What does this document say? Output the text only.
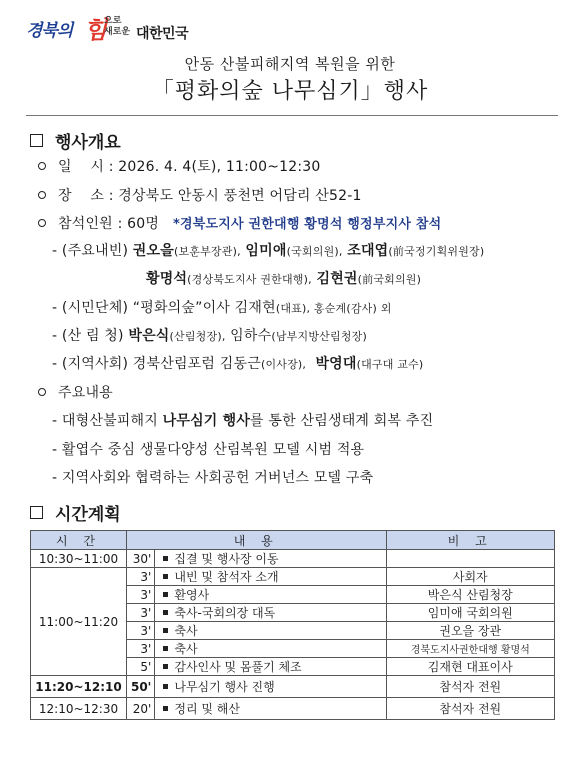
경북의 힘
으로
새로운 대한민국
안동 산불피해지역 복원을 위한
「평화의숲 나무심기」행사
행사개요
일    시 : 2026. 4. 4(토), 11:00~12:30
장    소 : 경상북도 안동시 풍천면 어담리 산52-1
참석인원 : 60명 *경북도지사 권한대행 황명석 행정부지사 참석
- (주요내빈) 권오을(보훈부장관), 임미애(국회의원), 조대엽(前국정기획위원장)
황명석(경상북도지사 권한대행), 김현권(前국회의원)
- (시민단체) “평화의숲”이사 김재현(대표), 홍순계(감사) 외
- (산 림 청) 박은식(산림청장), 임하수(남부지방산림청장)
- (지역사회) 경북산림포럼 김동근(이사장), 박영대(대구대 교수)
주요내용
- 대형산불피해지 나무심기 행사를 통한 산림생태계 회복 추진
- 활엽수 중심 생물다양성 산림복원 모델 시범 적용
- 지역사회와 협력하는 사회공헌 거버넌스 모델 구축
시간계획
시 간	내 용		비 고
10:30~11:00	30'	집결 및 행사장 이동	
11:00~11:20	3'	내빈 및 참석자 소개	사회자
	3'	환영사	박은식 산림청장
	3'	축사-국회의장 대독	임미애 국회의원
	3'	축사	권오을 장관
	3'	축사	경북도지사권한대행 황명석
	5'	감사인사 및 몸풀기 체조	김재현 대표이사
11:20~12:10	50'	나무심기 행사 진행	참석자 전원
12:10~12:30	20'	정리 및 해산	참석자 전원
